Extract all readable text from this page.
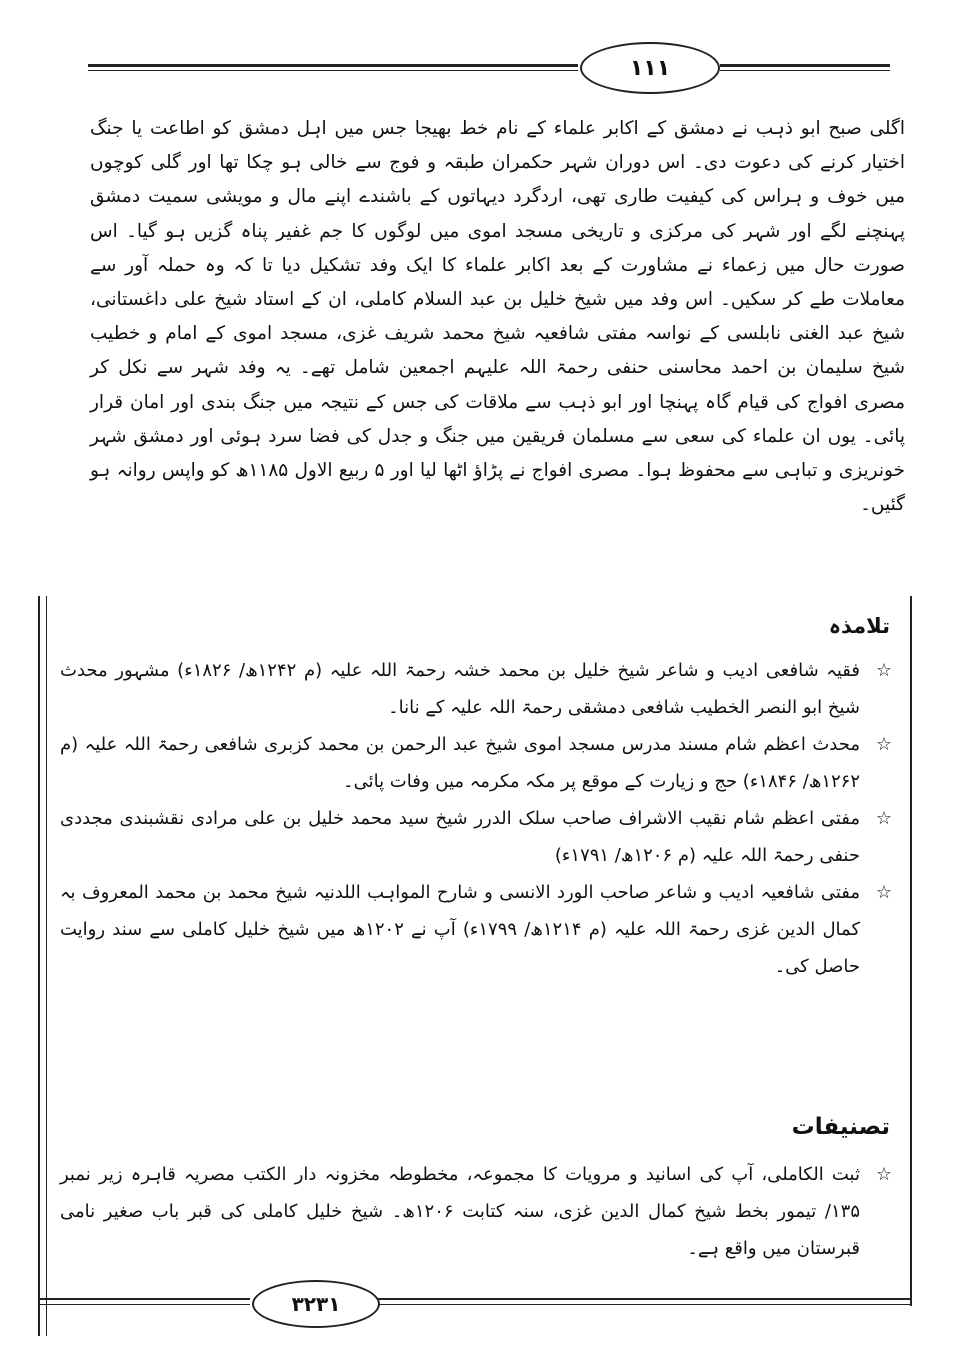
١١١

اگلی صبح ابو ذہب نے دمشق کے اکابر علماء کے نام خط بھیجا جس میں اہل دمشق کو اطاعت یا جنگ اختیار کرنے کی دعوت دی۔ اس دوران شہر حکمران طبقہ و فوج سے خالی ہو چکا تھا اور گلی کوچوں میں خوف و ہراس کی کیفیت طاری تھی، اردگرد دیہاتوں کے باشندے اپنے مال و مویشی سمیت دمشق پہنچنے لگے اور شہر کی مرکزی و تاریخی مسجد اموی میں لوگوں کا جم غفیر پناہ گزیں ہو گیا۔ اس صورت حال میں زعماء نے مشاورت کے بعد اکابر علماء کا ایک وفد تشکیل دیا تا کہ وہ حملہ آور سے معاملات طے کر سکیں۔ اس وفد میں شیخ خلیل بن عبد السلام کاملی، ان کے استاد شیخ علی داغستانی، شیخ عبد الغنی نابلسی کے نواسہ مفتی شافعیہ شیخ محمد شریف غزی، مسجد اموی کے امام و خطیب شیخ سلیمان بن احمد محاسنی حنفی رحمۃ اللہ علیہم اجمعین شامل تھے۔ یہ وفد شہر سے نکل کر مصری افواج کی قیام گاہ پہنچا اور ابو ذہب سے ملاقات کی جس کے نتیجہ میں جنگ بندی اور امان قرار پائی۔ یوں ان علماء کی سعی سے مسلمان فریقین میں جنگ و جدل کی فضا سرد ہوئی اور دمشق شہر خونریزی و تباہی سے محفوظ ہوا۔ مصری افواج نے پڑاؤ اٹھا لیا اور ۵ ربیع الاول ۱۱۸۵ھ کو واپس روانہ ہو گئیں۔

تلامذہ
☆
فقیہ شافعی ادیب و شاعر شیخ خلیل بن محمد خشہ رحمۃ اللہ علیہ (م ۱۲۴۲ھ/ ۱۸۲۶ء) مشہور محدث شیخ ابو النصر الخطیب شافعی دمشقی رحمۃ اللہ علیہ کے نانا۔
☆
محدث اعظم شام مسند مدرس مسجد اموی شیخ عبد الرحمن بن محمد کزبری شافعی رحمۃ اللہ علیہ (م ۱۲۶۲ھ/ ۱۸۴۶ء) حج و زیارت کے موقع پر مکہ مکرمہ میں وفات پائی۔
☆
مفتی اعظم شام نقیب الاشراف صاحب سلک الدرر شیخ سید محمد خلیل بن علی مرادی نقشبندی مجددی حنفی رحمۃ اللہ علیہ (م ۱۲۰۶ھ/ ۱۷۹۱ء)
☆
مفتی شافعیہ ادیب و شاعر صاحب الورد الانسی و شارح المواہب اللدنیہ شیخ محمد بن محمد المعروف بہ کمال الدین غزی رحمۃ اللہ علیہ (م ۱۲۱۴ھ/ ۱۷۹۹ء) آپ نے ۱۲۰۲ھ میں شیخ خلیل کاملی سے سند روایت حاصل کی۔
تصنیفات
☆
ثبت الکاملی، آپ کی اسانید و مرویات کا مجموعہ، مخطوطہ مخزونہ دار الکتب مصریہ قاہرہ زیر نمبر ۱۳۵/ تیمور بخط شیخ کمال الدین غزی، سنہ کتابت ۱۲۰۶ھ۔ شیخ خلیل کاملی کی قبر باب صغیر نامی قبرستان میں واقع ہے۔
٣٢٣١
